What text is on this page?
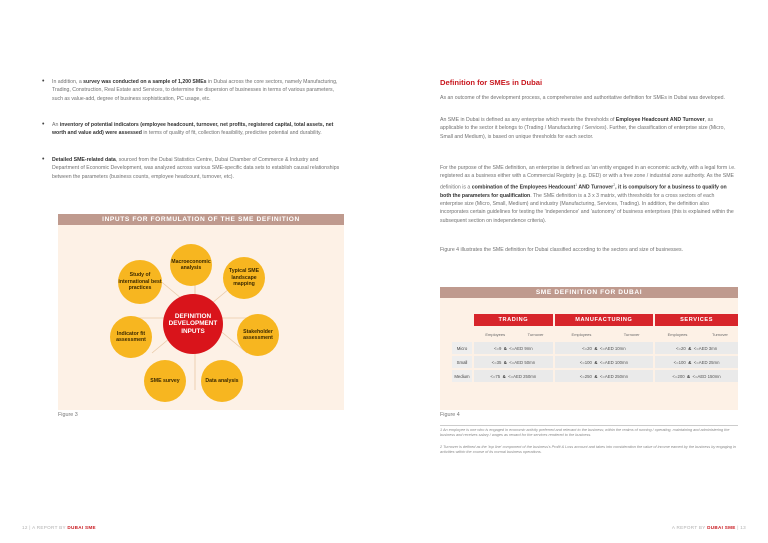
• In addition, a survey was conducted on a sample of 1,200 SMEs in Dubai across the core sectors, namely Manufacturing, Trading, Construction, Real Estate and Services, to determine the dispersion of businesses in terms of various parameters, such as value-add, degree of business sophistication, PC usage, etc.
• An inventory of potential indicators (employee headcount, turnover, net profits, registered capital, total assets, net worth and value add) were assessed in terms of quality of fit, collection feasibility, predictive potential and durability.
• Detailed SME-related data, sourced from the Dubai Statistics Centre, Dubai Chamber of Commerce & Industry and Department of Economic Development, was analyzed across various SME-specific data sets to establish causal relationships between the parameters (business counts, employee headcount, turnover, etc).
INPUTS FOR FORMULATION OF THE SME DEFINITION
DEFINITION DEVELOPMENT INPUTS
Macroeconomic analysis
Typical SME landscape mapping
Stakeholder assessment
Data analysis
SME survey
Indicator fit assessment
Study of international best practices
Figure 3
Definition for SMEs in Dubai
As an outcome of the development process, a comprehensive and authoritative definition for SMEs in Dubai was developed.
An SME in Dubai is defined as any enterprise which meets the thresholds of Employee Headcount AND Turnover, as applicable to the sector it belongs to (Trading / Manufacturing / Services). Further, the classification of enterprise size (Micro, Small and Medium), is based on unique thresholds for each sector.
For the purpose of the SME definition, an enterprise is defined as 'an entity engaged in an economic activity, with a legal form i.e. registered as a business either with a Commercial Registry (e.g. DED) or with a free zone / industrial zone authority. As the SME definition is a combination of the Employees Headcount$^1$ AND Turnover$^2$, it is compulsory for a business to qualify on both the parameters for qualification. The SME definition is a 3 x 3 matrix, with thresholds for a cross sectors of each enterprise size (Micro, Small, Medium) and industry (Manufacturing, Services, Trading). In addition, the definition also incorporates certain guidelines for testing the 'independence' and 'autonomy' of business enterprises (this is explained within the subsequent section on independence criteria).
Figure 4 illustrates the SME definition for Dubai classified according to the sectors and size of businesses.
SME DEFINITION FOR DUBAI
	TRADING		MANUFACTURING		SERVICES	
	Employees	Turnover	Employees	Turnover	Employees	Turnover
Micro	<=9 & <=AED 9mn		<=20 & <=AED 10mn		<=20 & <=AED 3mn	
Small	<=35 & <=AED 50mn		<=100 & <=AED 100mn		<=100 & <=AED 25mn	
Medium	<=75 & <=AED 250mn		<=250 & <=AED 250mn		<=200 & <=AED 150mn	
Figure 4
1 An employee is one who is engaged in economic activity preferred and relevant to the business; within the realms of running / operating, maintaining and administering the business and receives salary / wages as reward for the services rendered to the business.
2 Turnover is defined as the 'top line' component of the business's Profit & Loss account and takes into consideration the value of income earned by the business by engaging in activities within the course of its normal business operations.
12 | A REPORT BY DUBAI SME	A REPORT BY DUBAI SME | 13
